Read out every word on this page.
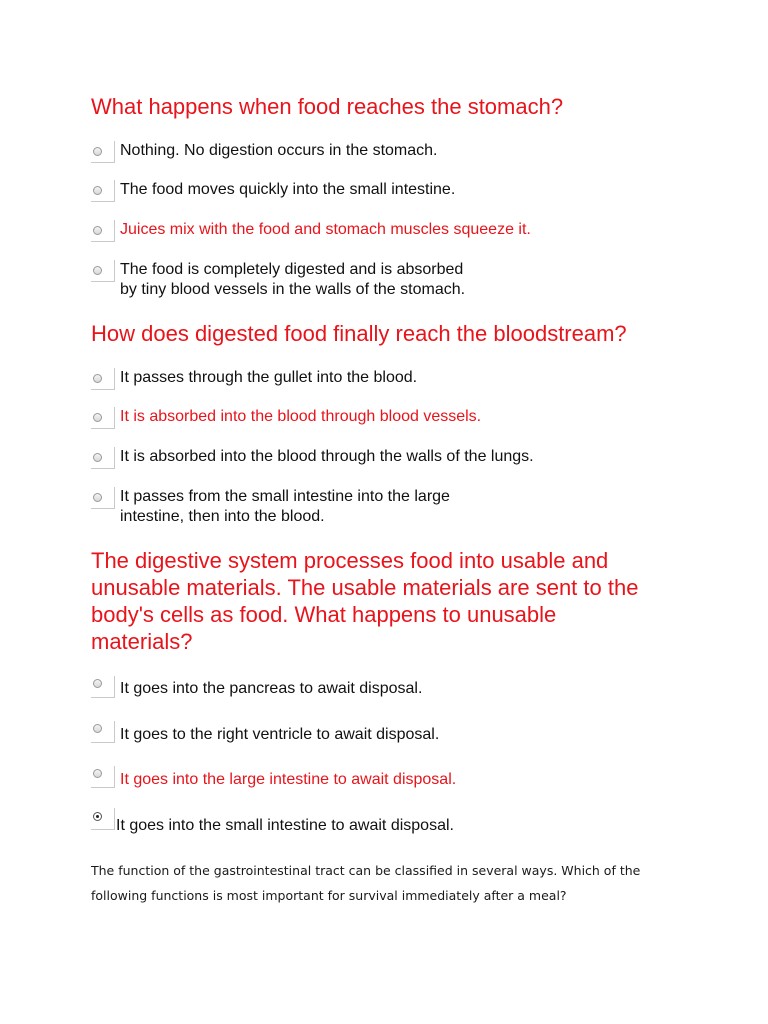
What happens when food reaches the stomach?
Nothing. No digestion occurs in the stomach.
The food moves quickly into the small intestine.
Juices mix with the food and stomach muscles squeeze it.
The food is completely digested and is absorbed
by tiny blood vessels in the walls of the stomach.
How does digested food finally reach the bloodstream?
It passes through the gullet into the blood.
It is absorbed into the blood through blood vessels.
It is absorbed into the blood through the walls of the lungs.
It passes from the small intestine into the large
intestine, then into the blood.
The digestive system processes food into usable and
unusable materials. The usable materials are sent to the
body's cells as food. What happens to unusable
materials?
It goes into the pancreas to await disposal.
It goes to the right ventricle to await disposal.
It goes into the large intestine to await disposal.
It goes into the small intestine to await disposal.
The function of the gastrointestinal tract can be classified in several ways. Which of the
following functions is most important for survival immediately after a meal?
